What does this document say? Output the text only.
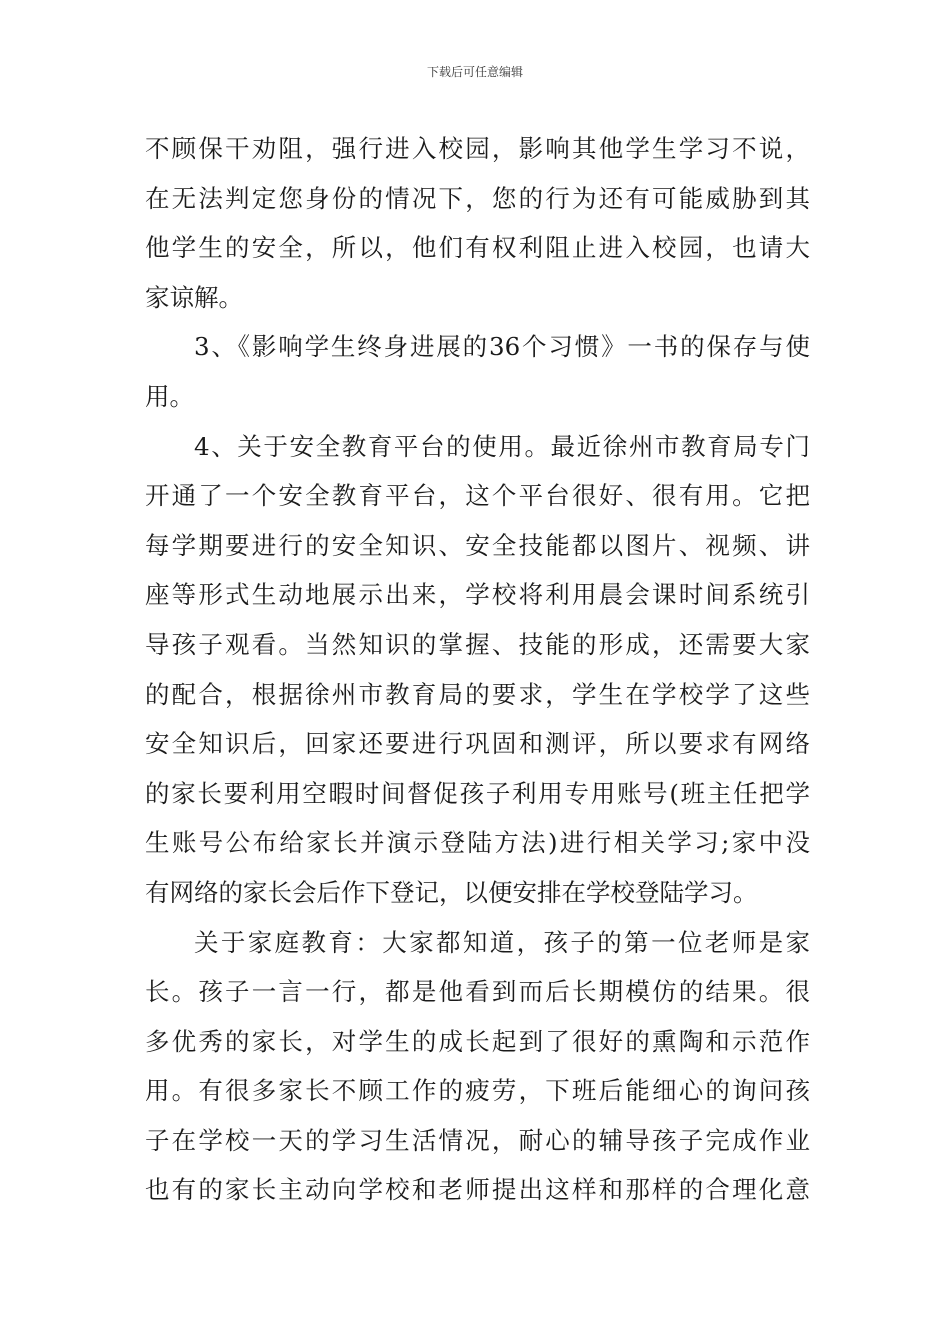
下载后可任意编辑
不顾保干劝阻，强行进入校园，影响其他学生学习不说，
在无法判定您身份的情况下，您的行为还有可能威胁到其
他学生的安全，所以，他们有权利阻止进入校园，也请大
家谅解。
3、《影响学生终身进展的36个习惯》一书的保存与使
用。
4、关于安全教育平台的使用。最近徐州市教育局专门
开通了一个安全教育平台，这个平台很好、很有用。它把
每学期要进行的安全知识、安全技能都以图片、视频、讲
座等形式生动地展示出来，学校将利用晨会课时间系统引
导孩子观看。当然知识的掌握、技能的形成，还需要大家
的配合，根据徐州市教育局的要求，学生在学校学了这些
安全知识后，回家还要进行巩固和测评，所以要求有网络
的家长要利用空暇时间督促孩子利用专用账号(班主任把学
生账号公布给家长并演示登陆方法)进行相关学习;家中没
有网络的家长会后作下登记，以便安排在学校登陆学习。
关于家庭教育：大家都知道，孩子的第一位老师是家
长。孩子一言一行，都是他看到而后长期模仿的结果。很
多优秀的家长，对学生的成长起到了很好的熏陶和示范作
用。有很多家长不顾工作的疲劳，下班后能细心的询问孩
子在学校一天的学习生活情况，耐心的辅导孩子完成作业
也有的家长主动向学校和老师提出这样和那样的合理化意
